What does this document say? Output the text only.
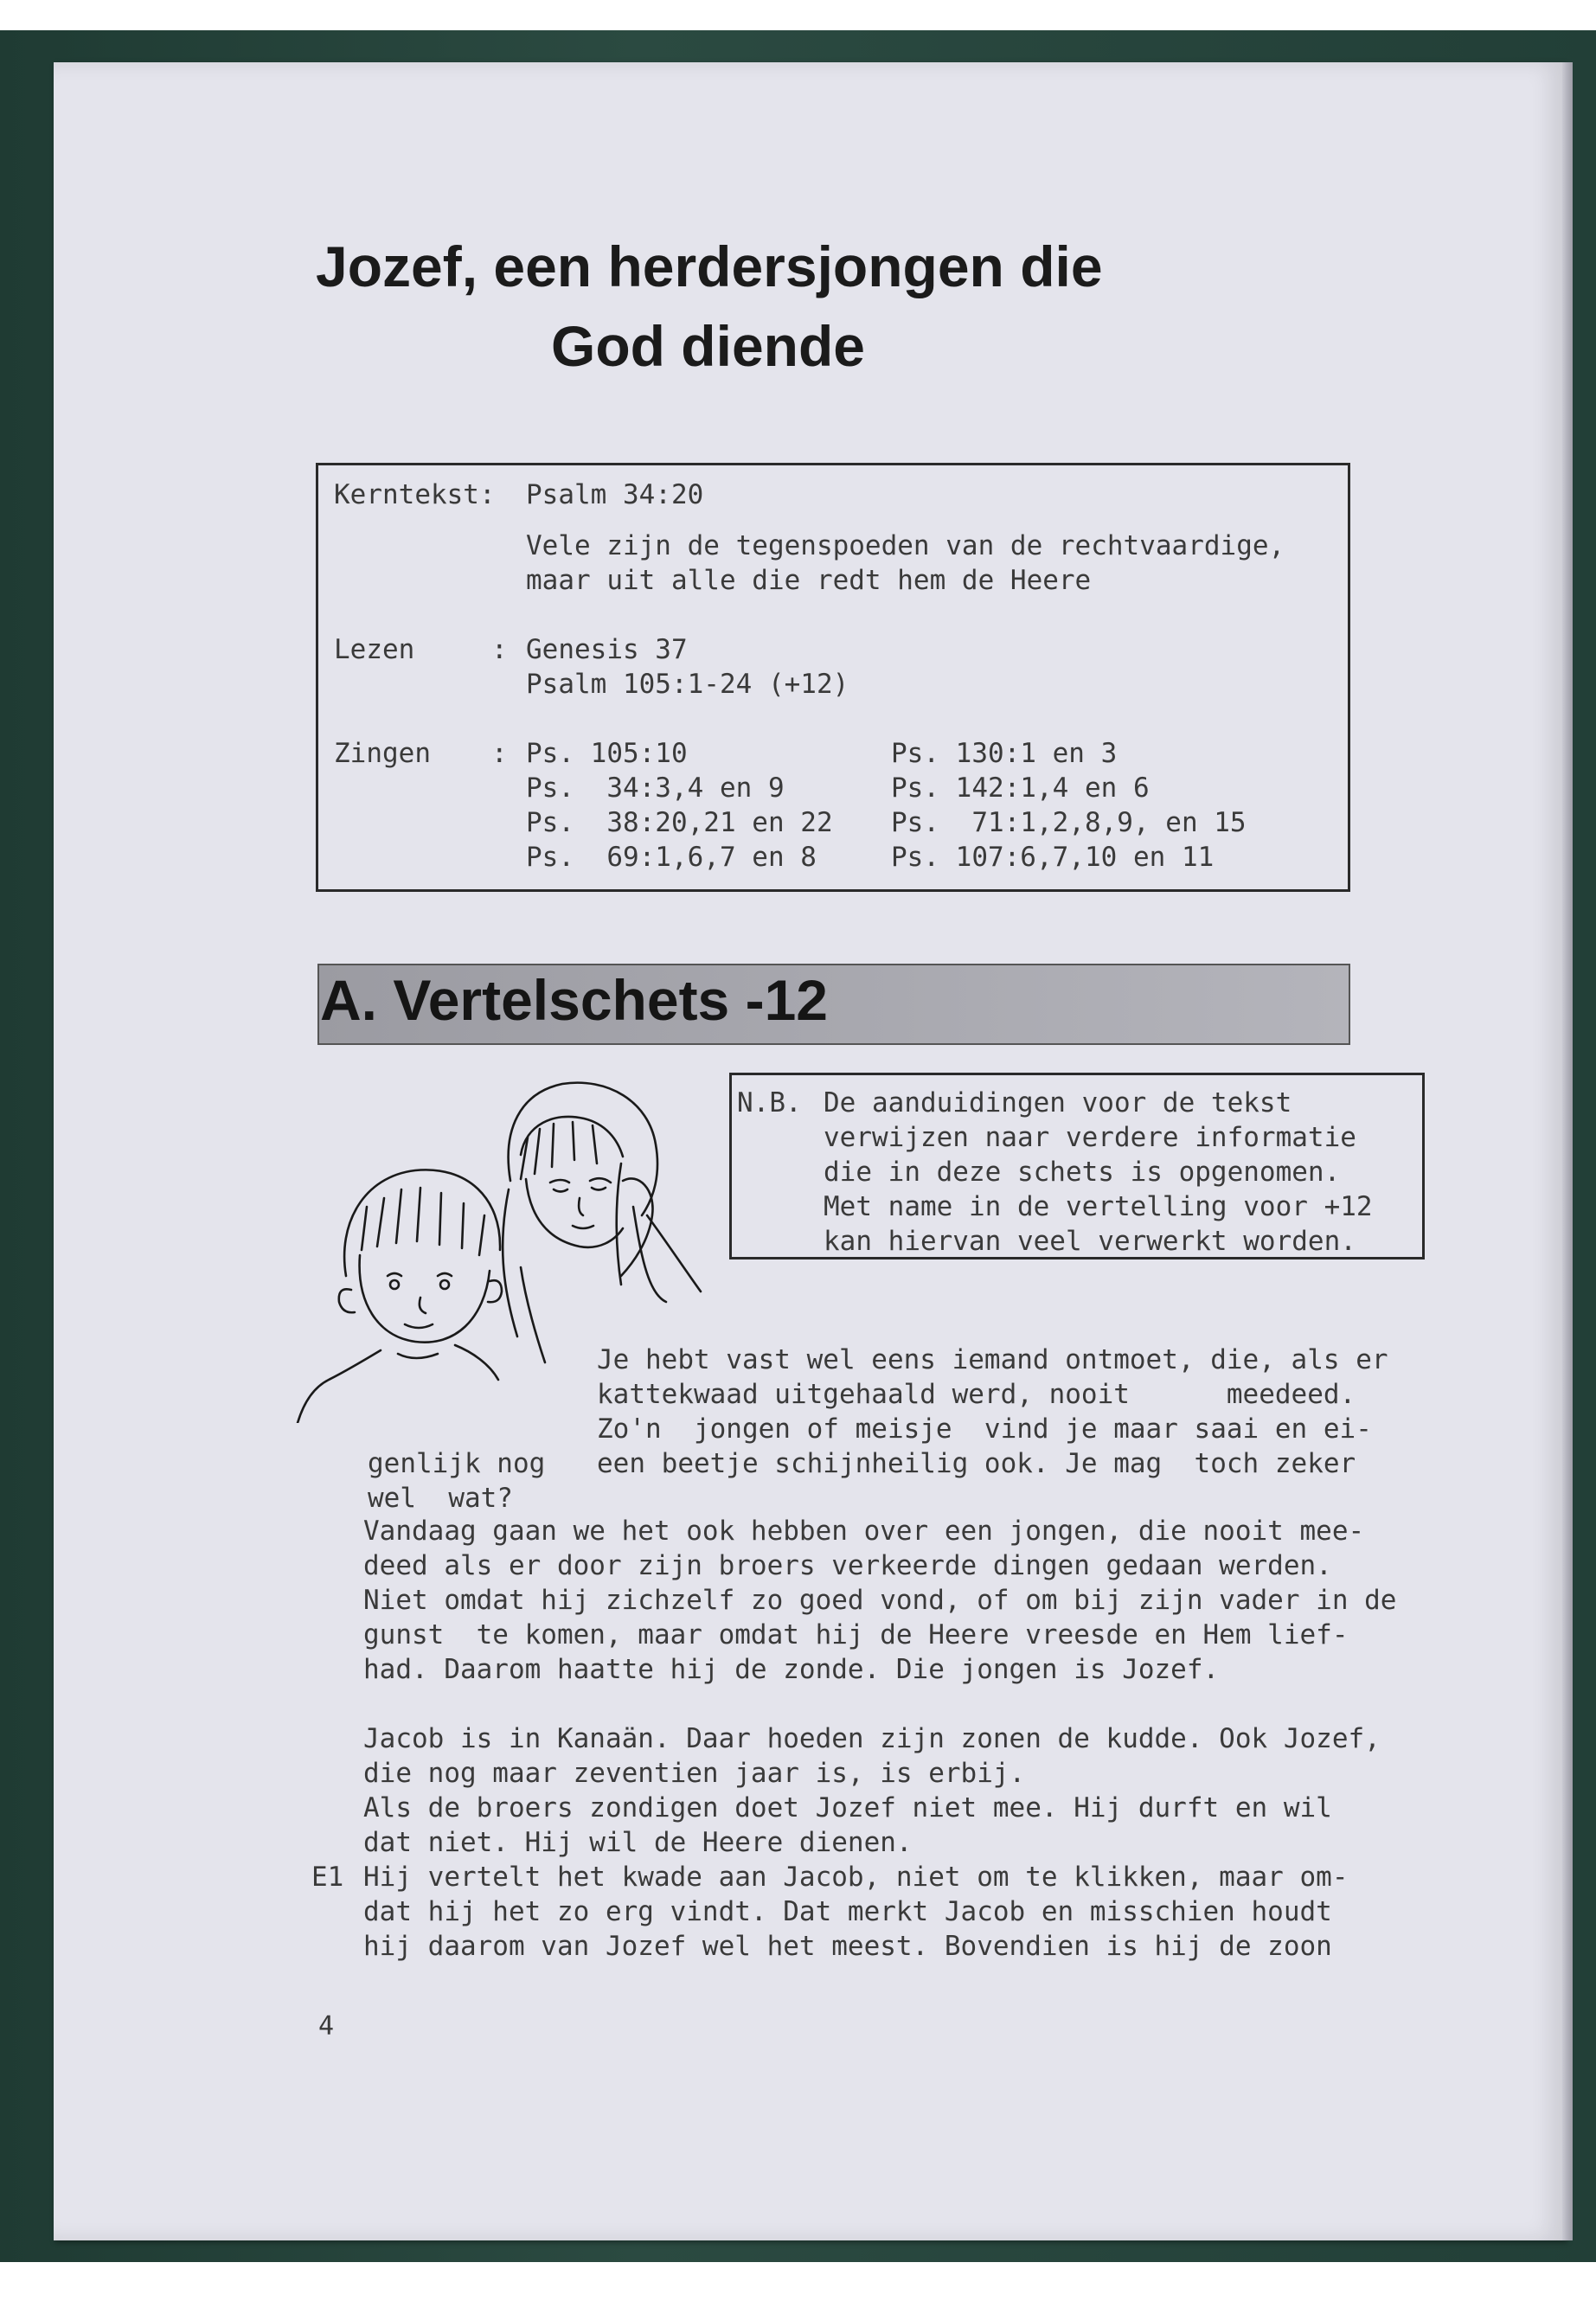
Jozef, een herdersjongen die
God diende
Kerntekst: Psalm 34:20
Vele zijn de tegenspoeden van de rechtvaardige,
maar uit alle die redt hem de Heere
Lezen	: Genesis 37
Psalm 105:1-24 (+12)
Zingen : Ps. 105:10
Ps.  34:3,4 en 9
Ps.  38:20,21 en 22
Ps.  69:1,6,7 en 8
Ps. 130:1 en 3
Ps. 142:1,4 en 6
Ps.  71:1,2,8,9, en 15
Ps. 107:6,7,10 en 11
A. Vertelschets -12
N.B. De aanduidingen voor de tekst
verwijzen naar verdere informatie
die in deze schets is opgenomen.
Met name in de vertelling voor +12
kan hiervan veel verwerkt worden.
Je hebt vast wel eens iemand ontmoet, die, als er
kattekwaad uitgehaald werd, nooit      meedeed.
Zo'n  jongen of meisje  vind je maar saai en ei-
genlijk nog een beetje schijnheilig ook. Je mag  toch zeker
wel  wat?
Vandaag gaan we het ook hebben over een jongen, die nooit mee-
deed als er door zijn broers verkeerde dingen gedaan werden.
Niet omdat hij zichzelf zo goed vond, of om bij zijn vader in de
gunst  te komen, maar omdat hij de Heere vreesde en Hem lief-
had. Daarom haatte hij de zonde. Die jongen is Jozef.
Jacob is in Kanaän. Daar hoeden zijn zonen de kudde. Ook Jozef,
die nog maar zeventien jaar is, is erbij.
Als de broers zondigen doet Jozef niet mee. Hij durft en wil
dat niet. Hij wil de Heere dienen.
E1 Hij vertelt het kwade aan Jacob, niet om te klikken, maar om-
dat hij het zo erg vindt. Dat merkt Jacob en misschien houdt
hij daarom van Jozef wel het meest. Bovendien is hij de zoon
4
